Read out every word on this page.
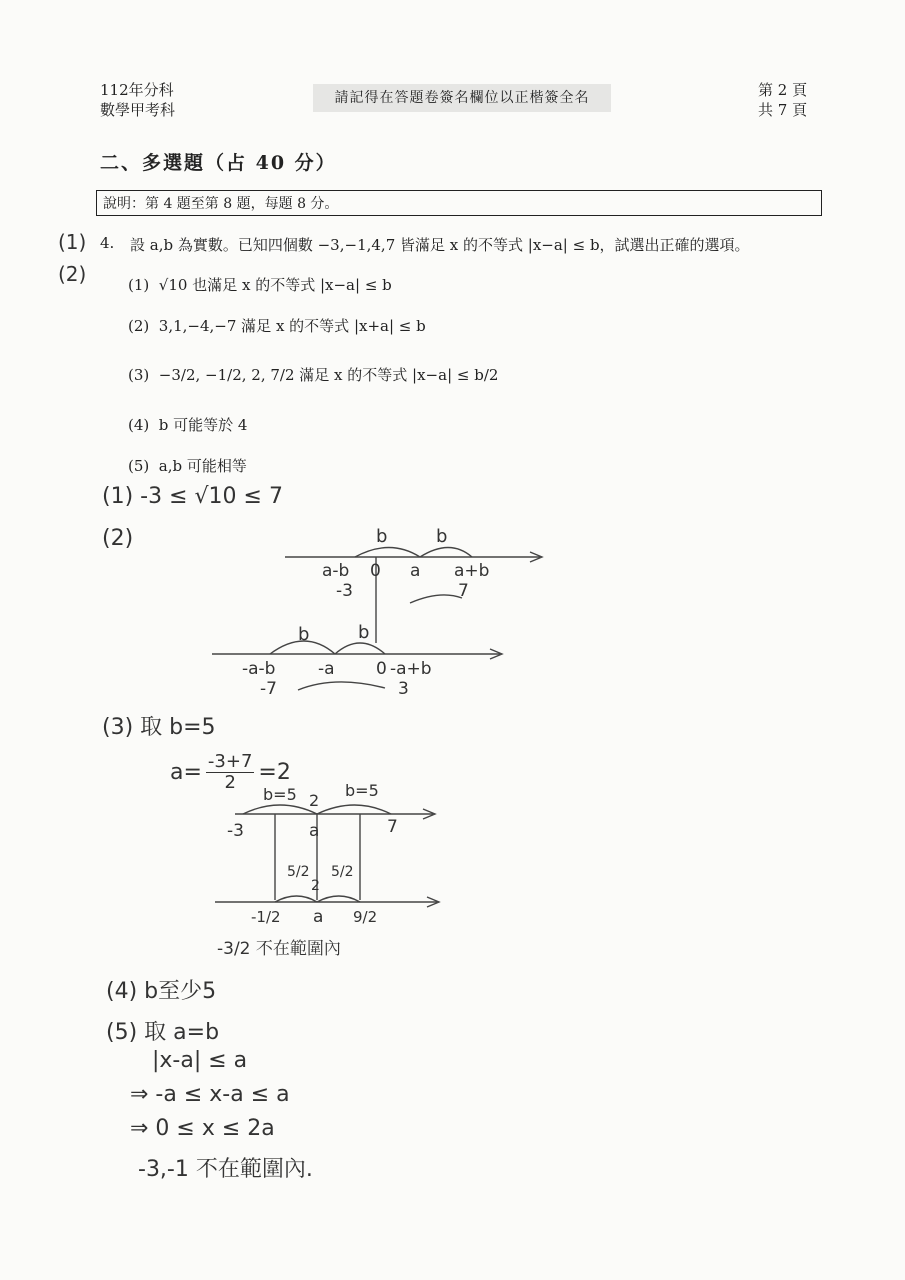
112年分科
數學甲考科
請記得在答題卷簽名欄位以正楷簽全名	第 2 頁
共 7 頁
二、多選題（占 40 分）
說明：第 4 題至第 8 題，每題 8 分。
(1)
(2)
4. 設 a,b 為實數。已知四個數 −3,−1,4,7 皆滿足 x 的不等式 |x−a| ≤ b，試選出正確的選項。
(1) √10 也滿足 x 的不等式 |x−a| ≤ b
(2) 3,1,−4,−7 滿足 x 的不等式 |x+a| ≤ b
(3) −3/2, −1/2, 2, 7/2 滿足 x 的不等式 |x−a| ≤ b/2
(4) b 可能等於 4
(5) a,b 可能相等
(1) -3 ≤ √10 ≤ 7
(2)	b	b
a-b 0 a a+b
-3	7
b	b
-a-b	-a 0 -a+b
-7	3
(3) 取 b=5
$a= \frac{-3+7}{2} =2$
b=5 2
b=5
-3	a	7
5/2
2
5/2
-1/2 a 9/2
-3/2 不在範圍內
(4) b至少5
(5) 取 a=b
|x-a| ≤ a
⇒ -a ≤ x-a ≤ a
⇒ 0 ≤ x ≤ 2a
-3,-1 不在範圍內.
